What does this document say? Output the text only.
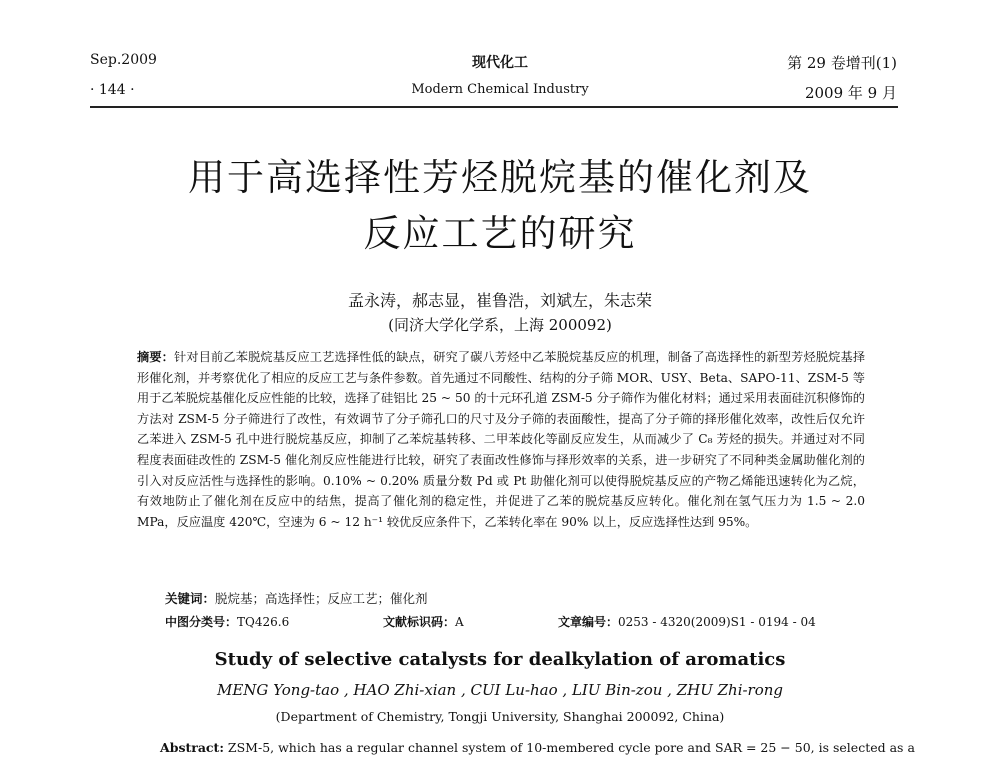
Sep.2009
· 144 ·
现代化工
Modern Chemical Industry
第 29 卷增刊(1)
2009 年 9 月
用于高选择性芳烃脱烷基的催化剂及
反应工艺的研究
孟永涛，郝志显，崔鲁浩，刘斌左，朱志荣
(同济大学化学系，上海 200092)
摘要：针对目前乙苯脱烷基反应工艺选择性低的缺点，研究了碳八芳烃中乙苯脱烷基反应的机理，制备了高选择性的新型芳烃脱烷基择形催化剂，并考察优化了相应的反应工艺与条件参数。首先通过不同酸性、结构的分子筛 MOR、USY、Beta、SAPO-11、ZSM-5 等用于乙苯脱烷基催化反应性能的比较，选择了硅铝比 25 ~ 50 的十元环孔道 ZSM-5 分子筛作为催化材料；通过采用表面硅沉积修饰的方法对 ZSM-5 分子筛进行了改性，有效调节了分子筛孔口的尺寸及分子筛的表面酸性，提高了分子筛的择形催化效率，改性后仅允许乙苯进入 ZSM-5 孔中进行脱烷基反应，抑制了乙苯烷基转移、二甲苯歧化等副反应发生，从而减少了 C₈ 芳烃的损失。并通过对不同程度表面硅改性的 ZSM-5 催化剂反应性能进行比较，研究了表面改性修饰与择形效率的关系，进一步研究了不同种类金属助催化剂的引入对反应活性与选择性的影响。0.10% ~ 0.20% 质量分数 Pd 或 Pt 助催化剂可以使得脱烷基反应的产物乙烯能迅速转化为乙烷，有效地防止了催化剂在反应中的结焦，提高了催化剂的稳定性，并促进了乙苯的脱烷基反应转化。催化剂在氢气压力为 1.5 ~ 2.0 MPa，反应温度 420℃，空速为 6 ~ 12 h⁻¹ 较优反应条件下，乙苯转化率在 90% 以上，反应选择性达到 95%。
关键词：脱烷基；高选择性；反应工艺；催化剂
中图分类号：TQ426.6	文献标识码：A	文章编号：0253 - 4320(2009)S1 - 0194 - 04
Study of selective catalysts for dealkylation of aromatics
MENG Yong-tao , HAO Zhi-xian , CUI Lu-hao , LIU Bin-zou , ZHU Zhi-rong
(Department of Chemistry, Tongji University, Shanghai 200092, China)
Abstract: ZSM-5, which has a regular channel system of 10-membered cycle pore and SAR = 25 − 50, is selected as a
